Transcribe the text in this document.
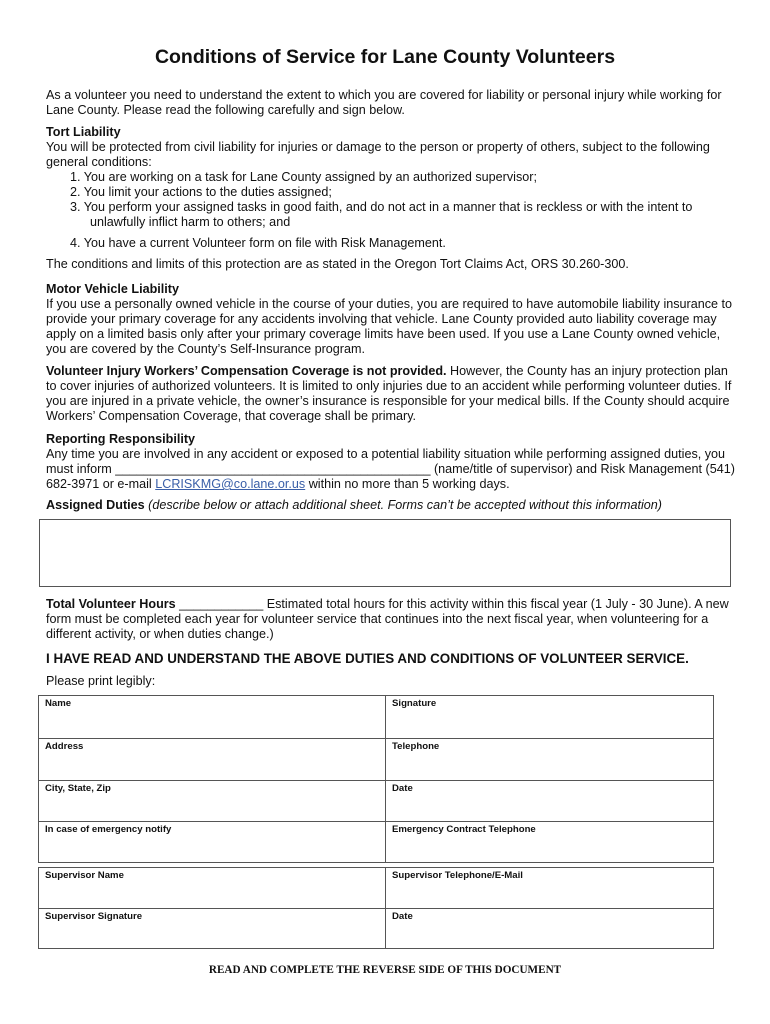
Conditions of Service for Lane County Volunteers

As a volunteer you need to understand the extent to which you are covered for liability or personal injury while working for Lane County. Please read the following carefully and sign below.

Tort Liability
You will be protected from civil liability for injuries or damage to the person or property of others, subject to the following general conditions:
1. You are working on a task for Lane County assigned by an authorized supervisor;
2. You limit your actions to the duties assigned;
3. You perform your assigned tasks in good faith, and do not act in a manner that is reckless or with the intent to unlawfully inflict harm to others; and
4. You have a current Volunteer form on file with Risk Management.
The conditions and limits of this protection are as stated in the Oregon Tort Claims Act, ORS 30.260-300.
Motor Vehicle Liability
If you use a personally owned vehicle in the course of your duties, you are required to have automobile liability insurance to provide your primary coverage for any accidents involving that vehicle. Lane County provided auto liability coverage may apply on a limited basis only after your primary coverage limits have been used. If you use a Lane County owned vehicle, you are covered by the County’s Self-Insurance program.

Volunteer Injury Workers’ Compensation Coverage is not provided. However, the County has an injury protection plan to cover injuries of authorized volunteers. It is limited to only injuries due to an accident while performing volunteer duties. If you are injured in a private vehicle, the owner’s insurance is responsible for your medical bills. If the County should acquire Workers’ Compensation Coverage, that coverage shall be primary.

Reporting Responsibility
Any time you are involved in any accident or exposed to a potential liability situation while performing assigned duties, you must inform _____________________________________________ (name/title of supervisor) and Risk Management (541) 682-3971 or e-mail LCRISKMG@co.lane.or.us within no more than 5 working days.

Assigned Duties (describe below or attach additional sheet. Forms can’t be accepted without this information)

Total Volunteer Hours ____________ Estimated total hours for this activity within this fiscal year (1 July - 30 June). A new form must be completed each year for volunteer service that continues into the next fiscal year, when volunteering for a different activity, or when duties change.)

I HAVE READ AND UNDERSTAND THE ABOVE DUTIES AND CONDITIONS OF VOLUNTEER SERVICE.

Please print legibly:

Name	Signature
Address	Telephone
City, State, Zip	Date
In case of emergency notify	Emergency Contract Telephone
Supervisor Name	Supervisor Telephone/E-Mail
Supervisor Signature	Date

READ AND COMPLETE THE REVERSE SIDE OF THIS DOCUMENT
